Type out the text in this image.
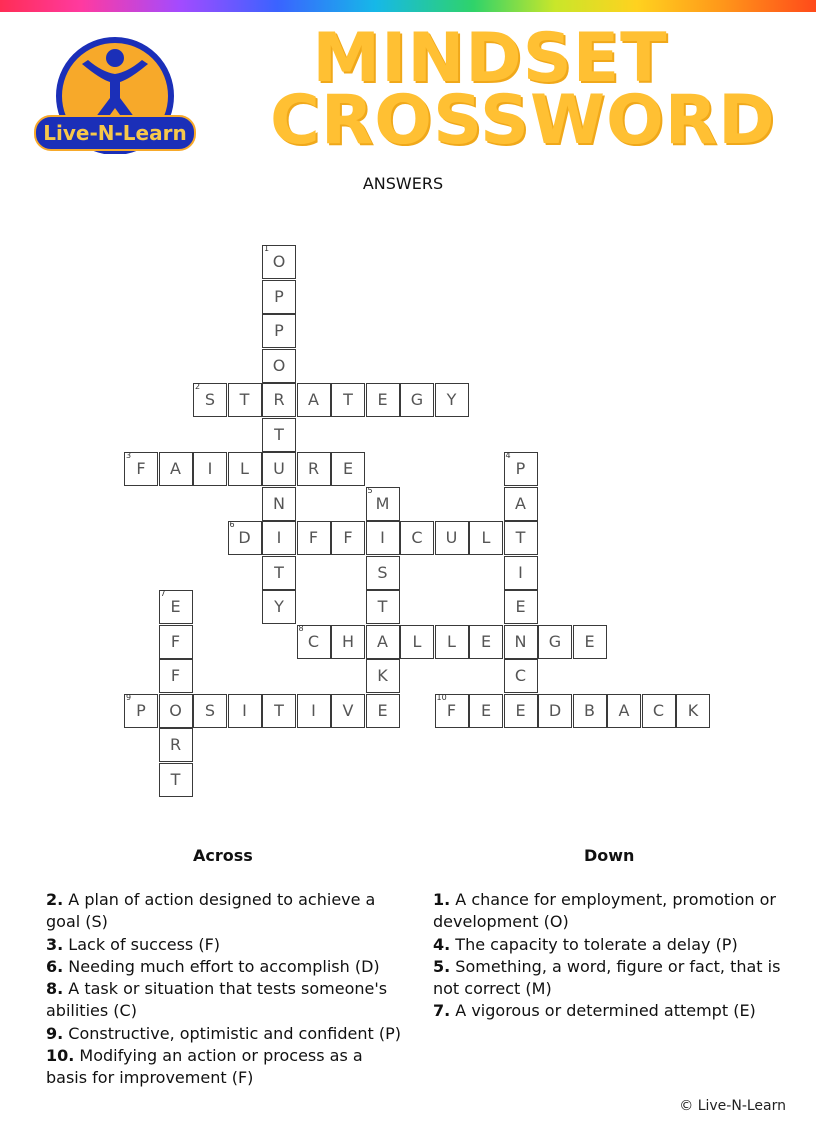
Live-N-Learn
MINDSET
CROSSWORD
ANSWERS
1
O
P
P
O
R
T
U
N
I
T
Y
2
S	T	A	T	E	G	Y
3
F	A	I	L	R	E
4
P
A
T
I
E
N
C
E
5
M
I
S
T
A
K
E
6
D	F	F	C	U	L
7
E
F
F
O
R
T
8
C	H	L	L	E	G	E
9
P	S	I	T	I	V
10
F	E	D	B	A	C	K
Across	Down
2. A plan of action designed to achieve a goal (S)
3. Lack of success (F)
6. Needing much effort to accomplish (D)
8. A task or situation that tests someone's abilities (C)
9. Constructive, optimistic and confident (P)
10. Modifying an action or process as a basis for improvement (F)
1. A chance for employment, promotion or development (O)
4. The capacity to tolerate a delay (P)
5. Something, a word, figure or fact, that is not correct (M)
7. A vigorous or determined attempt (E)
© Live-N-Learn
